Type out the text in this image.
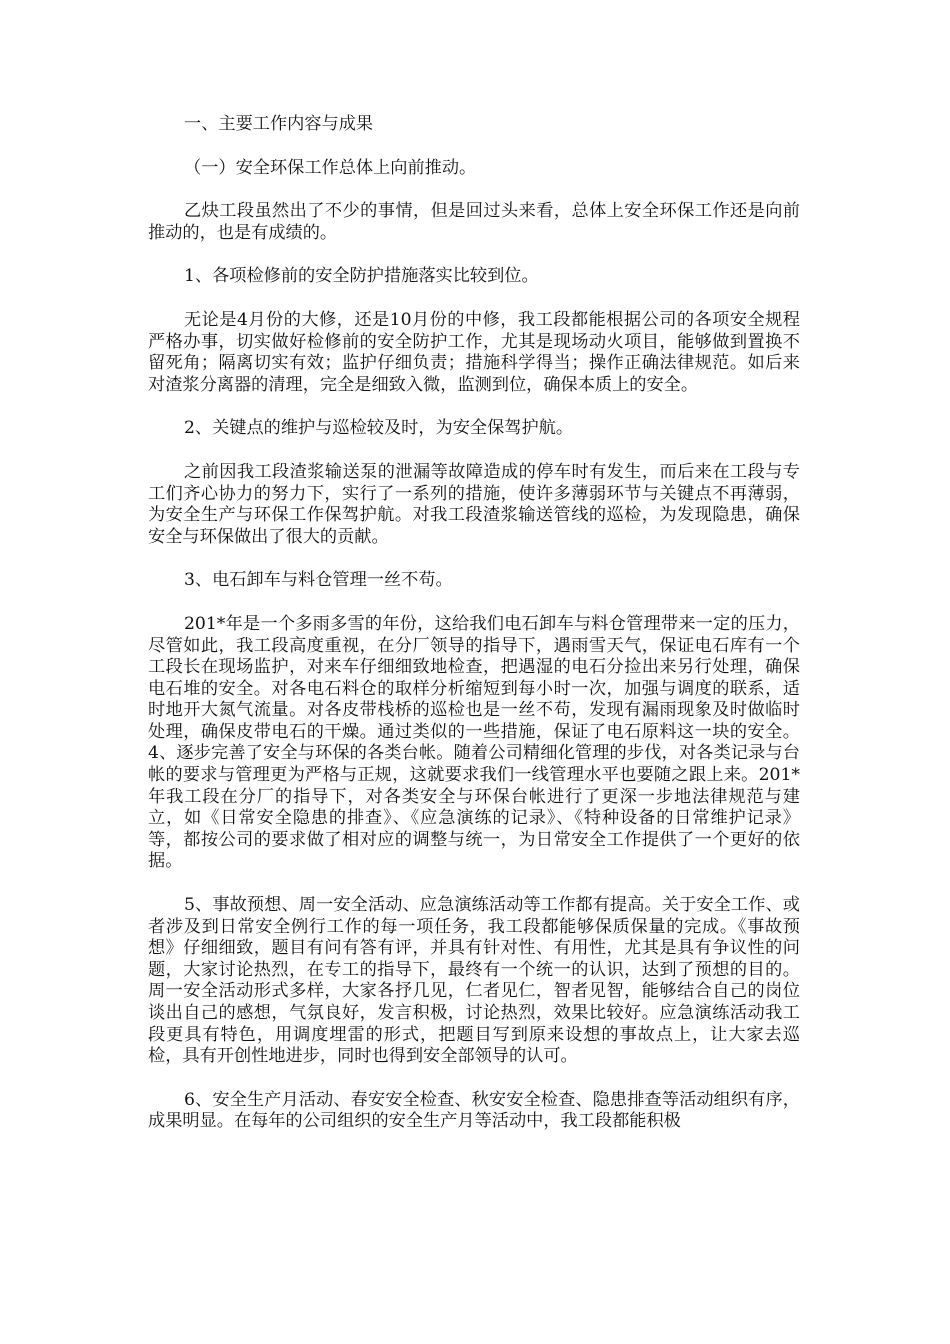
一、主要工作内容与成果

（一）安全环保工作总体上向前推动。

乙炔工段虽然出了不少的事情，但是回过头来看，总体上安全环保工作还是向前推动的，也是有成绩的。

1、各项检修前的安全防护措施落实比较到位。

无论是4月份的大修，还是10月份的中修，我工段都能根据公司的各项安全规程严格办事，切实做好检修前的安全防护工作，尤其是现场动火项目，能够做到置换不留死角；隔离切实有效；监护仔细负责；措施科学得当；操作正确法律规范。如后来对渣浆分离器的清理，完全是细致入微，监测到位，确保本质上的安全。

2、关键点的维护与巡检较及时，为安全保驾护航。

之前因我工段渣浆输送泵的泄漏等故障造成的停车时有发生，而后来在工段与专工们齐心协力的努力下，实行了一系列的措施，使许多薄弱环节与关键点不再薄弱，为安全生产与环保工作保驾护航。对我工段渣浆输送管线的巡检，为发现隐患，确保安全与环保做出了很大的贡献。

3、电石卸车与料仓管理一丝不苟。

201*年是一个多雨多雪的年份，这给我们电石卸车与料仓管理带来一定的压力，尽管如此，我工段高度重视，在分厂领导的指导下，遇雨雪天气，保证电石库有一个工段长在现场监护，对来车仔细细致地检查，把遇湿的电石分捡出来另行处理，确保电石堆的安全。对各电石料仓的取样分析缩短到每小时一次，加强与调度的联系，适时地开大氮气流量。对各皮带栈桥的巡检也是一丝不苟，发现有漏雨现象及时做临时处理，确保皮带电石的干燥。通过类似的一些措施，保证了电石原料这一块的安全。4、逐步完善了安全与环保的各类台帐。随着公司精细化管理的步伐，对各类记录与台帐的要求与管理更为严格与正规，这就要求我们一线管理水平也要随之跟上来。201*年我工段在分厂的指导下，对各类安全与环保台帐进行了更深一步地法律规范与建立，如《日常安全隐患的排查》、《应急演练的记录》、《特种设备的日常维护记录》等，都按公司的要求做了相对应的调整与统一，为日常安全工作提供了一个更好的依据。

5、事故预想、周一安全活动、应急演练活动等工作都有提高。关于安全工作、或者涉及到日常安全例行工作的每一项任务，我工段都能够保质保量的完成。《事故预想》仔细细致，题目有问有答有评，并具有针对性、有用性，尤其是具有争议性的问题，大家讨论热烈，在专工的指导下，最终有一个统一的认识，达到了预想的目的。周一安全活动形式多样，大家各抒几见，仁者见仁，智者见智，能够结合自己的岗位谈出自己的感想，气氛良好，发言积极，讨论热烈，效果比较好。应急演练活动我工段更具有特色，用调度埋雷的形式，把题目写到原来设想的事故点上，让大家去巡检，具有开创性地进步，同时也得到安全部领导的认可。

6、安全生产月活动、春安安全检查、秋安安全检查、隐患排查等活动组织有序，成果明显。在每年的公司组织的安全生产月等活动中，我工段都能积极
